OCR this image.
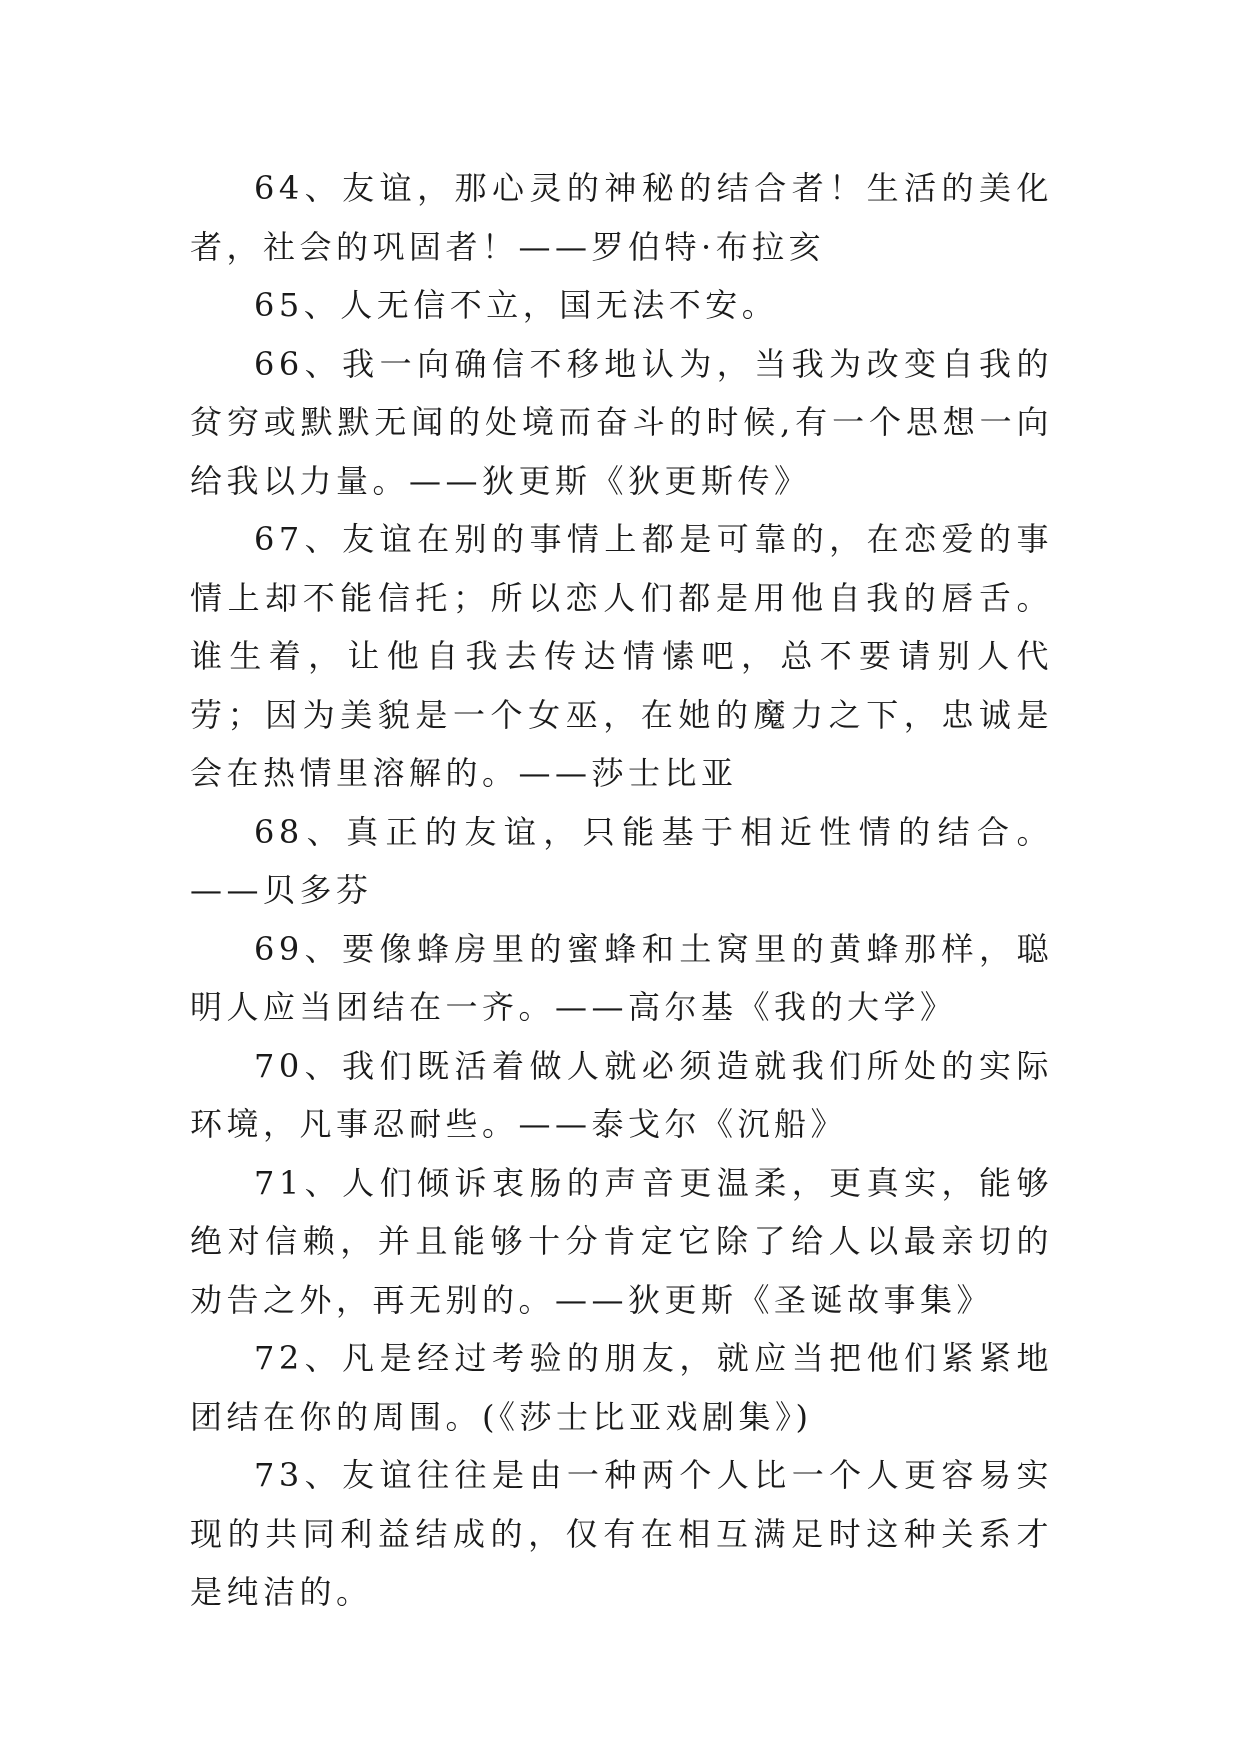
64、友谊，那心灵的神秘的结合者！生活的美化者，社会的巩固者！——罗伯特·布拉亥

65、人无信不立，国无法不安。

66、我一向确信不移地认为，当我为改变自我的贫穷或默默无闻的处境而奋斗的时候,有一个思想一向给我以力量。——狄更斯《狄更斯传》

67、友谊在别的事情上都是可靠的，在恋爱的事情上却不能信托；所以恋人们都是用他自我的唇舌。谁生着，让他自我去传达情愫吧，总不要请别人代劳；因为美貌是一个女巫，在她的魔力之下，忠诚是会在热情里溶解的。——莎士比亚

68、真正的友谊，只能基于相近性情的结合。——贝多芬

69、要像蜂房里的蜜蜂和土窝里的黄蜂那样，聪明人应当团结在一齐。——高尔基《我的大学》

70、我们既活着做人就必须造就我们所处的实际环境，凡事忍耐些。——泰戈尔《沉船》

71、人们倾诉衷肠的声音更温柔，更真实，能够绝对信赖，并且能够十分肯定它除了给人以最亲切的劝告之外，再无别的。——狄更斯《圣诞故事集》

72、凡是经过考验的朋友，就应当把他们紧紧地团结在你的周围。(《莎士比亚戏剧集》)

73、友谊往往是由一种两个人比一个人更容易实现的共同利益结成的，仅有在相互满足时这种关系才是纯洁的。
